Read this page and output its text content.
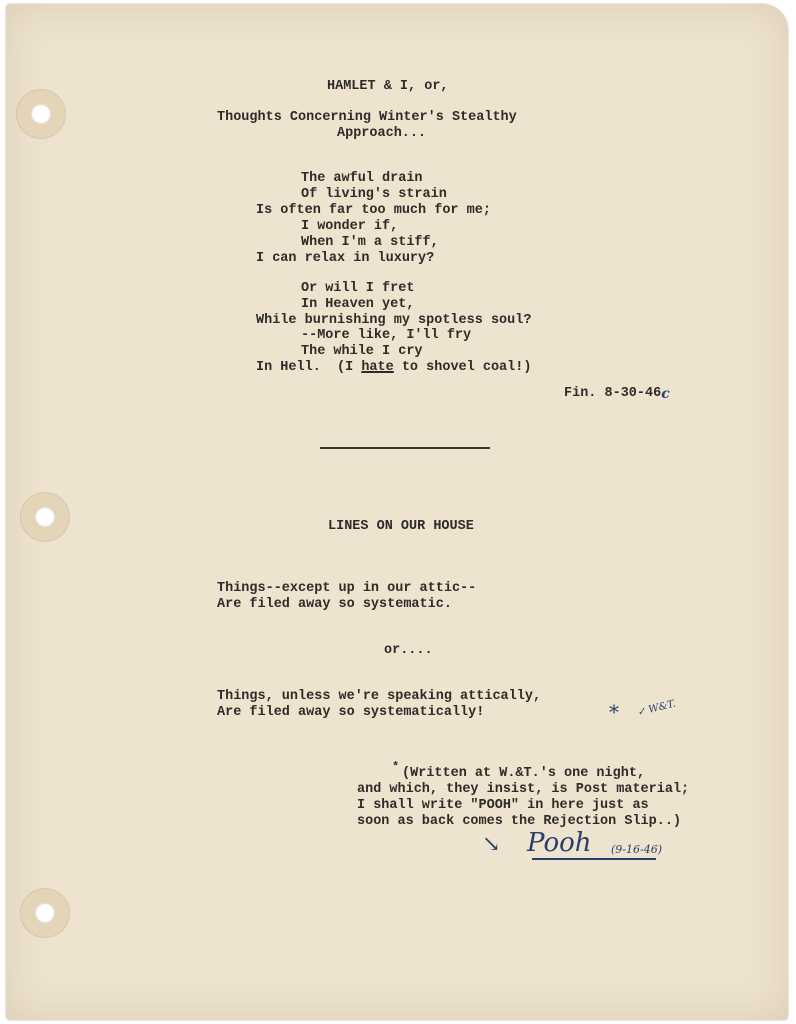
HAMLET & I, or,

Thoughts Concerning Winter's Stealthy

Approach...

The awful drain

Of living's strain

Is often far too much for me;

I wonder if,

When I'm a stiff,

I can relax in luxury?

Or will I fret

In Heaven yet,

While burnishing my spotless soul?

--More like, I'll fry

The while I cry

In Hell.  (I hate to shovel coal!)

Fin. 8-30-46 c

LINES ON OUR HOUSE

Things--except up in our attic--

Are filed away so systematic.

or....

Things, unless we're speaking attically,

Are filed away so systematically!	* ✓ W&T.

* (Written at W.&T.'s one night,

and which, they insist, is Post material;

I shall write "POOH" in here just as

soon as back comes the Rejection Slip..)

↘ Pooh (9-16-46)
